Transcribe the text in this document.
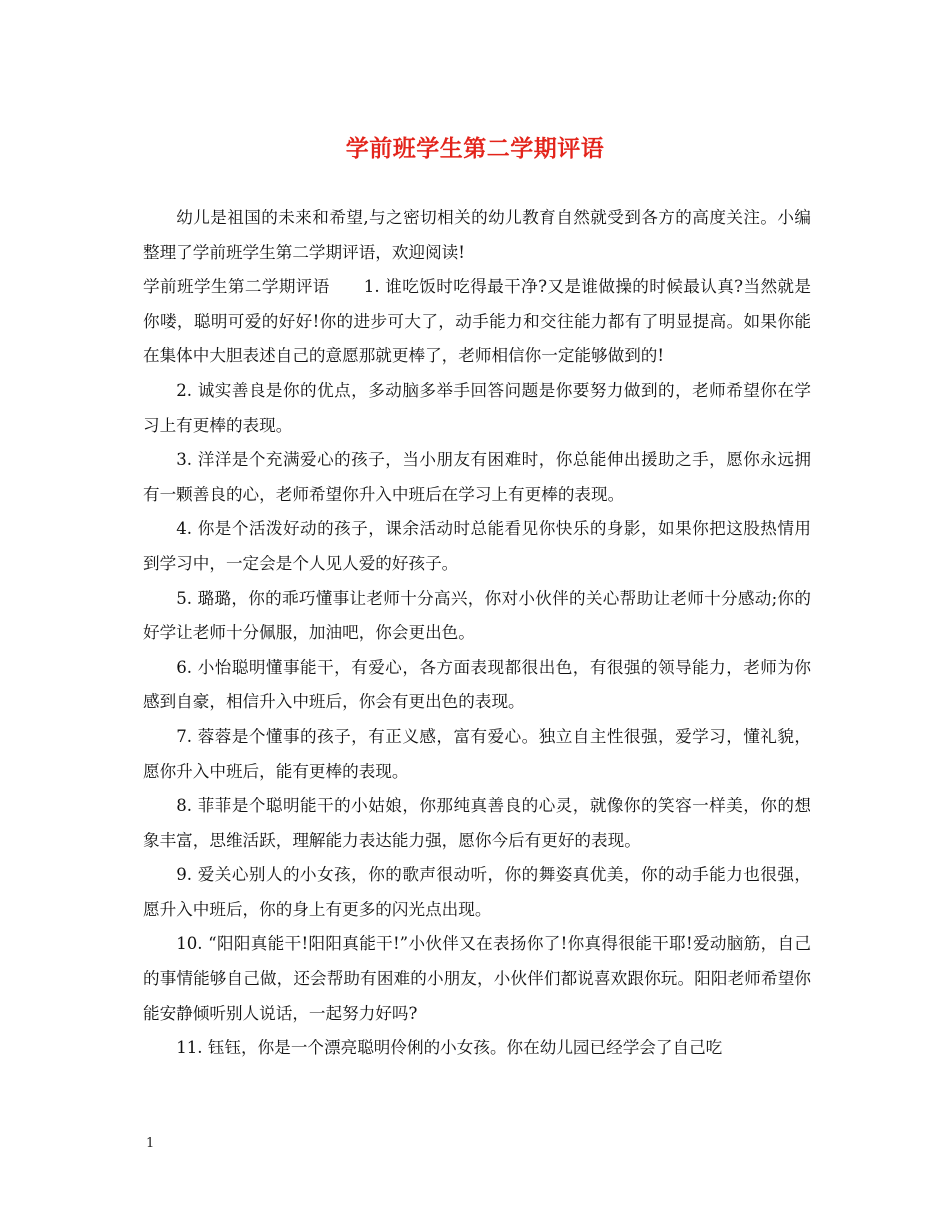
学前班学生第二学期评语

幼儿是祖国的未来和希望,与之密切相关的幼儿教育自然就受到各方的高度关注。小编整理了学前班学生第二学期评语，欢迎阅读!

学前班学生第二学期评语 1. 谁吃饭时吃得最干净?又是谁做操的时候最认真?当然就是你喽，聪明可爱的好好!你的进步可大了，动手能力和交往能力都有了明显提高。如果你能在集体中大胆表述自己的意愿那就更棒了，老师相信你一定能够做到的!

2. 诚实善良是你的优点，多动脑多举手回答问题是你要努力做到的，老师希望你在学习上有更棒的表现。

3. 洋洋是个充满爱心的孩子，当小朋友有困难时，你总能伸出援助之手，愿你永远拥有一颗善良的心，老师希望你升入中班后在学习上有更棒的表现。

4. 你是个活泼好动的孩子，课余活动时总能看见你快乐的身影，如果你把这股热情用到学习中，一定会是个人见人爱的好孩子。

5. 璐璐，你的乖巧懂事让老师十分高兴，你对小伙伴的关心帮助让老师十分感动;你的好学让老师十分佩服，加油吧，你会更出色。

6. 小怡聪明懂事能干，有爱心，各方面表现都很出色，有很强的领导能力，老师为你感到自豪，相信升入中班后，你会有更出色的表现。

7. 蓉蓉是个懂事的孩子，有正义感，富有爱心。独立自主性很强，爱学习，懂礼貌，愿你升入中班后，能有更棒的表现。

8. 菲菲是个聪明能干的小姑娘，你那纯真善良的心灵，就像你的笑容一样美，你的想象丰富，思维活跃，理解能力表达能力强，愿你今后有更好的表现。

9. 爱关心别人的小女孩，你的歌声很动听，你的舞姿真优美，你的动手能力也很强，愿升入中班后，你的身上有更多的闪光点出现。

10. “阳阳真能干!阳阳真能干!”小伙伴又在表扬你了!你真得很能干耶!爱动脑筋，自己的事情能够自己做，还会帮助有困难的小朋友，小伙伴们都说喜欢跟你玩。阳阳老师希望你能安静倾听别人说话，一起努力好吗?

11. 钰钰，你是一个漂亮聪明伶俐的小女孩。你在幼儿园已经学会了自己吃

1
